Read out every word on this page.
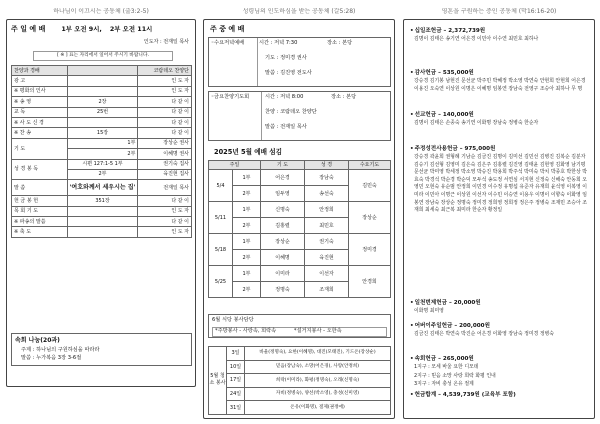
하나님이 이끄시는 공동체 (출3:2-5)
주 일 예 배	1부 오전 9시, 2부 오전 11시
인도자 : 전재일 목사
[ ※ ] 표는 자리에서 일어서 주시기 바랍니다.
찬양과 경배		코람데오 찬양단
광 고		인 도 자
※ 평화의 인사		인 도 자
※ 송 영	2장	다 같 이
교 독	25번	다 같 이
※ 사 도 신 경		다 같 이
※ 찬 송	15장	다 같 이
기 도	1부	장상순 권사
	2부	이혜명 권사
성 경 봉 독	시편 127:1-5 1부	권기숙 집사
	2부	육진현 집사
말 씀	'여호와께서 세우시는 집'	전재일 목사
헌 금 봉 헌	351장	다 같 이
목 회 기 도		인 도 자
※ 파송의 말씀		다 같 이
※ 축 도		인 도 자
속회 나눔(20과)
주제 : 하나님의 구원하심을 따라라
말씀 : 누가복음 3장 3-6절
성령님의 인도하심을 받는 공동체 (갈5:28)
주 중 예 배
◦수요저녁예배	시간 : 저녁 7:30	장소 : 본당
기도 : 정미경 권사
말씀 : 김진영 전도사
◦금요찬양기도회	시간 : 저녁 8:00	장소 : 본당
찬양 : 코람데오 찬양단
말씀 : 전재일 목사
2025년 5월 예배 섬김
주일		기 도	성 경	수요기도
5/4	1부	어은경	장남숙	김민숙
	2부	임두영	송선숙	
5/11	1부	신명숙	안정희	장상순
	2부	김홍렬	최민호	
5/18	1부	장상순	권기숙	정미경
	2부	이혜명	육진현	
5/25	1부	이미라	이선자	안경희
	2부	정명숙	조재희	
6월 식당 봉사담당
*주방봉사 - 사랑속, 희락속	*설거지봉사 - 오한속
5월 청소 봉사	3일	바울(정명숙), 요한(이혜명), 대진(모태진), 기드온(장상순)
	10일	믿음(장남숙), 소망(어은경), 사랑(안정희)
	17일	희락(이미라), 화평(정명숙), 오래(신명숙)
	24일	자비(정병숙), 양선(박소영), 충성(신미영)
	31일	온유(이화명), 절제(권정애)
영혼을 구원하는 증인 공동체 (막16:16-20)
•십일조헌금 – 2,372,739원
김명이 김태은 송기연 어은경 이민아 이수연 최민호 최하나
•감사헌금 – 535,000원
강승경 김기봉 남현진 문선균 박주민 박혜정 박소영 박연숙 안현희 안현희 어은경 이용진 오숙연 이상원 이명은 이혜명 임봉연 장남숙 전영구 조승아 최하나 무 명
•선교헌금 – 140,000원
김명이 김태은 손종숙 송기연 이화명 장남숙 정병숙 한순자
•주정성전사용헌금 – 975,000원
강승경 곽윤희 권형례 기남순 김금진 김명이 김미선 김민선 김병진 김복순 김분자 김승기 김선형 김영미 김은숙 김은주 김홍렬 김진영 김태윤 김현영 김화영 남기평 문선균 박미영 박세정 박소영 박승진 박용희 박주석 박미숙 박치 박종호 박한상 박효숙 박경석 박순경 박순덕 모두석 송도정 서연심 서지현 신정숙 신해숙 안동희 오영민 오현숙 유순범 안정희 이민경 이수정 유명섭 유준자 유재희 윤석영 이복영 이미라 이민아 이명근 이상원 이선자 이수민 이승연 이용우 이명이 이향숙 이화영 임봉연 장남숙 장상순 정명숙 정미경 정희영 정희정 정은주 정병숙 조재민 조승아 조재희 최세숙 최근복 최미라 한순자 황정일
•일천번제헌금 – 20,000원
이화명 최미영
•어버이주일헌금 – 200,000원
김금진 김태은 박연숙 박진순 어은경 이화영 장남숙 정미경 정병숙
•속회헌금 – 265,000원
1지구 : 모세 바울 요한 디모데
2지구 : 믿음 소망 사랑 희락 화평 인내
3지구 : 자비 충성 온유 절제
•헌금합계 – 4,539,739원 (교육부 포함)
